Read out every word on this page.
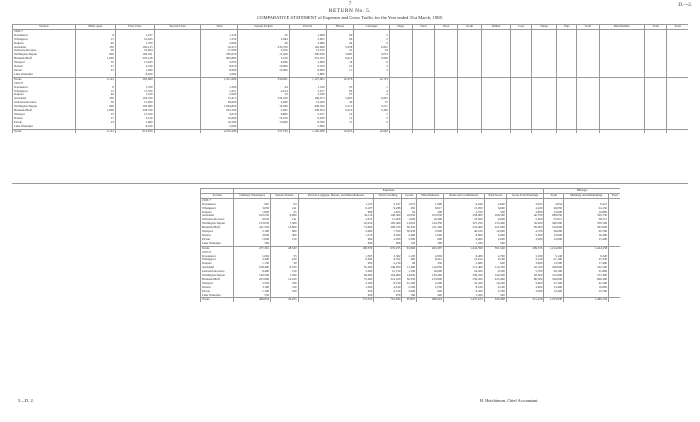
7	D.—2.
RETURN No. 5.
COMPARATIVE STATEMENT of Expenses and Gross Traffic for the Year ended 31st March, 1908.
Section	Miles open	First Class	Second Class	Total	Season Tickets	Parcels	Horses	Carriages	Dogs	Total	Wool	Grain	Timber	Coal	Sheep	Pigs	Total	Merchandise	Total	Total
1906-7																				
Kawakawa	8	1,237		1,156	50	1,098	60	2												
Whangarei	15	10,495		1,350	2,094	5,005	66	2												
Kaipara	46	1,700		2,000	40	3,080	04	0												
Auckland	350	100,213		16,215	233,350	195,068	5,058	2,001												
Gisborne-Rotorua	50	19,004		27,000	2,550	13,015	41	34												
Wellington-Napier	600	190,451		950,070	15,420	500,930	5,083	5,073												
Hurunui-Bluff	1,000	225,418		893,883	5,410	351,355	6,012	5,000												
Westport	35	15,045		2,050	9,000	5,600	18	6												
Nelson	27	3,100		8,010	76,000	6,100	10	3												
Picton	23	1,400		8,000	13,000	8,900	17	3												
Lake Wakatipu		8,020		2,000		5,800														
Totals	2,122	595,600		1,911,699	356,961	1,127,003	16,379	12,133												
1907-8																				
Kawakawa	8	1,350		1,300	64	1,199	05	1												
Whangarei	15	11,350		2,451	2,014	5,017	60	4												
Kaipara	46	1,100		2,000	10	3,030	07	2												
Auckland	350	102,350		15,415	233,250	196,073	5,003	2,091												
Gisborne-Rotorua	50	15,400		28,000	4,000	14,200	40	37												
Wellington-Napier	600	195,000		1,004,820	16,500	499,500	5,115	5,211												
Hurunui-Bluff	1,000	228,350		952,100	5,005	358,054	6,210	5,300												
Westport	35	15,350		4,010	8,800	5,017	10	7												
Nelson	27	3,150		10,000	74,100	6,050	12	2												
Picton	23	1,600		10,200	13,000	8,300	13	4												
Lake Wakatipu		8,100		2,000		5,840														
Totals	2,122	613,050		2,032,296	357,743	1,162,280	16,655	12,662												
	Expenses.									Mileage.		
Section	Ordinary Passengers	Season Tickets	Parcels, Luggage, Horses, and Miscellaneous	Total Coaching	Goods	Miscellaneous	Rents and Commission	Total Gross	Gross Train Earnings	Train	Shunting and Marshalling	Total
1906-7												
Kawakawa	981	63	1,155	3,197	1,075	1,900	6,040	2,040	3,035	5,054	6,227	
Whangarei	3,050	141	6,107	9,298	305	8,017	15,050	6,000	4,100	20,050	24,150	
Kaipara	1,000	25	900	1,925	50	200	2,550	500	3,800	13,000	16,800	
Auckland	100,250	6,000	34,119	140,369	10,050	103,650	258,000	106,500	40,700	280,050	320,750	
Gisborne-Rotorua	9,050	141	3,015	12,206	1,020	10,200	23,650	9,000	5,500	25,011	30,511	
Wellington-Napier	133,050	7,300	45,010	185,360	13,010	124,350	327,250	135,400	56,200	300,500	356,700	
Hurunui-Bluff	221,350	13,800	73,600	308,750	30,350	211,300	554,400	221,000	85,000	510,000	595,000	
Westport	5,100	600	2,000	7,700	30,050	2,090	40,100	14,000	4,700	36,000	40,700	
Nelson	3,030	300	1,170	4,500	2,400	1,000	8,000	4,000	3,300	13,000	16,300	
Picton	1,000	150	900	2,050	3,500	600	6,200	2,600	3,200	12,000	15,200	
Lake Wakatipu	500		400	900	150	300	1,350	500				
Totals	477,361	28,520	168,376	676,255	91,960	463,307	1,242,590	501,540	209,535	1,214,665	1,424,338	
1907-8												
Kawakawa	1,004	55	1,303	3,362	1,105	2,002	6,409	2,700	3,180	5,140	6,320	
Whangarei	3,300	100	6,302	9,702	400	8,412	15,914	6,100	4,140	21,190	25,330	
Kaipara	1,150	30	950	2,130	60	250	2,680	600	3,900	13,500	17,400	
Auckland	108,400	6,350	35,200	149,950	11,400	110,050	271,400	112,350	42,100	290,000	332,100	
Gisborne-Rotorua	9,400	150	3,200	12,750	1,100	10,600	24,450	9,500	5,700	26,100	31,800	
Wellington-Napier	140,500	7,500	46,900	194,900	14,050	130,400	339,350	142,000	58,300	315,000	373,300	
Hurunui-Bluff	225,000	14,100	75,000	314,100	30,350	215,000	559,450	225,400	86,300	520,000	606,300	
Westport	5,350	700	2,100	8,150	31,100	2,200	41,450	14,500	4,900	37,200	42,100	
Nelson	3,100	310	1,200	4,610	2,500	1,050	8,160	4,100	3,400	13,400	16,800	
Picton	1,100	160	950	2,210	3,600	640	6,450	2,700	3,300	12,400	15,700	
Lake Wakatipu	550		420	970	160	320	1,450	540				
Totals	498,854	29,455	173,525	701,834	95,825	480,924	1,257,163	520,490	215,220	1,253,930	1,469,150	
5—D. 2.	H. Hutchinson, Chief Accountant.
